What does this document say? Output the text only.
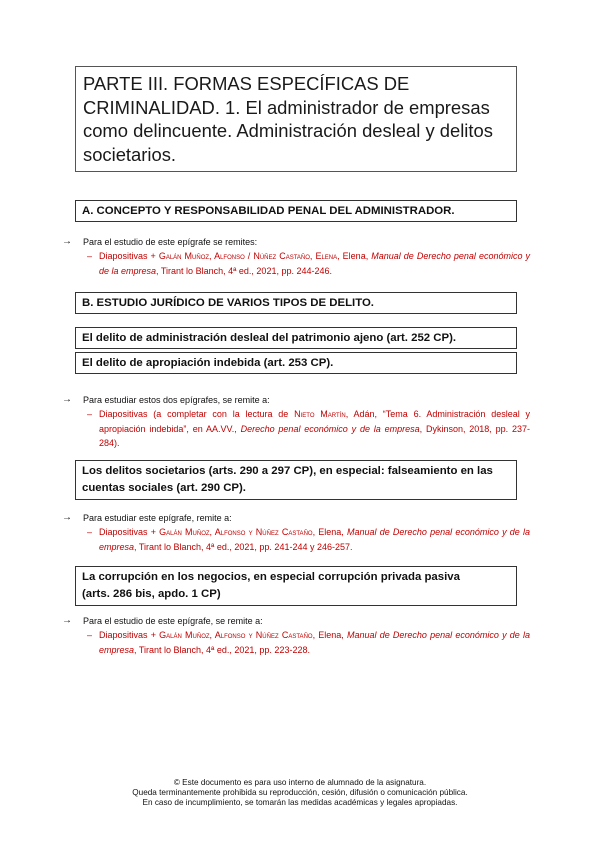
PARTE III. FORMAS ESPECÍFICAS DE CRIMINALIDAD. 1. El administrador de empresas como delincuente. Administración desleal y delitos societarios.
A. CONCEPTO Y RESPONSABILIDAD PENAL DEL ADMINISTRADOR.
→ Para el estudio de este epígrafe se remites:
– Diapositivas + Galán Muñoz, Alfonso / Núñez Castaño, Elena, Elena, Manual de Derecho penal económico y de la empresa, Tirant lo Blanch, 4ª ed., 2021, pp. 244-246.
B. ESTUDIO JURÍDICO DE VARIOS TIPOS DE DELITO.
El delito de administración desleal del patrimonio ajeno (art. 252 CP).
El delito de apropiación indebida (art. 253 CP).
→ Para estudiar estos dos epígrafes, se remite a:
– Diapositivas (a completar con la lectura de Nieto Martín, Adán, “Tema 6. Administración desleal y apropiación indebida”, en AA.VV., Derecho penal económico y de la empresa, Dykinson, 2018, pp. 237-284).
Los delitos societarios (arts. 290 a 297 CP), en especial: falseamiento en las cuentas sociales (art. 290 CP).
→ Para estudiar este epígrafe, remite a:
– Diapositivas + Galán Muñoz, Alfonso y Núñez Castaño, Elena, Manual de Derecho penal económico y de la empresa, Tirant lo Blanch, 4ª ed., 2021, pp. 241-244 y 246-257.
La corrupción en los negocios, en especial corrupción privada pasiva
(arts. 286 bis, apdo. 1 CP)
→ Para el estudio de este epígrafe, se remite a:
– Diapositivas + Galán Muñoz, Alfonso y Núñez Castaño, Elena, Manual de Derecho penal económico y de la empresa, Tirant lo Blanch, 4ª ed., 2021, pp. 223-228.
© Este documento es para uso interno de alumnado de la asignatura.
Queda terminantemente prohibida su reproducción, cesión, difusión o comunicación pública.
En caso de incumplimiento, se tomarán las medidas académicas y legales apropiadas.
